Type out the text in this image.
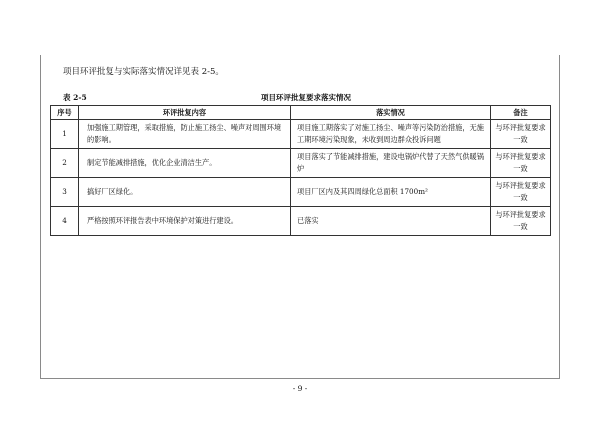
项目环评批复与实际落实情况详见表 2-5。
表 2-5	项目环评批复要求落实情况
序号	环评批复内容	落实情况	备注
1	加强施工期管理，采取措施，防止施工扬尘、噪声对周围环境的影响。	项目施工期落实了对施工扬尘、噪声等污染防治措施，无施工期环境污染现象，未收到周边群众投诉问题	与环评批复要求一致
2	制定节能减排措施，优化企业清洁生产。	项目落实了节能减排措施，建设电锅炉代替了天然气供暖锅炉	与环评批复要求一致
3	搞好厂区绿化。	项目厂区内及其四周绿化总面积 1700m²	与环评批复要求一致
4	严格按照环评报告表中环境保护对策进行建设。	已落实	与环评批复要求一致
- 9 -
